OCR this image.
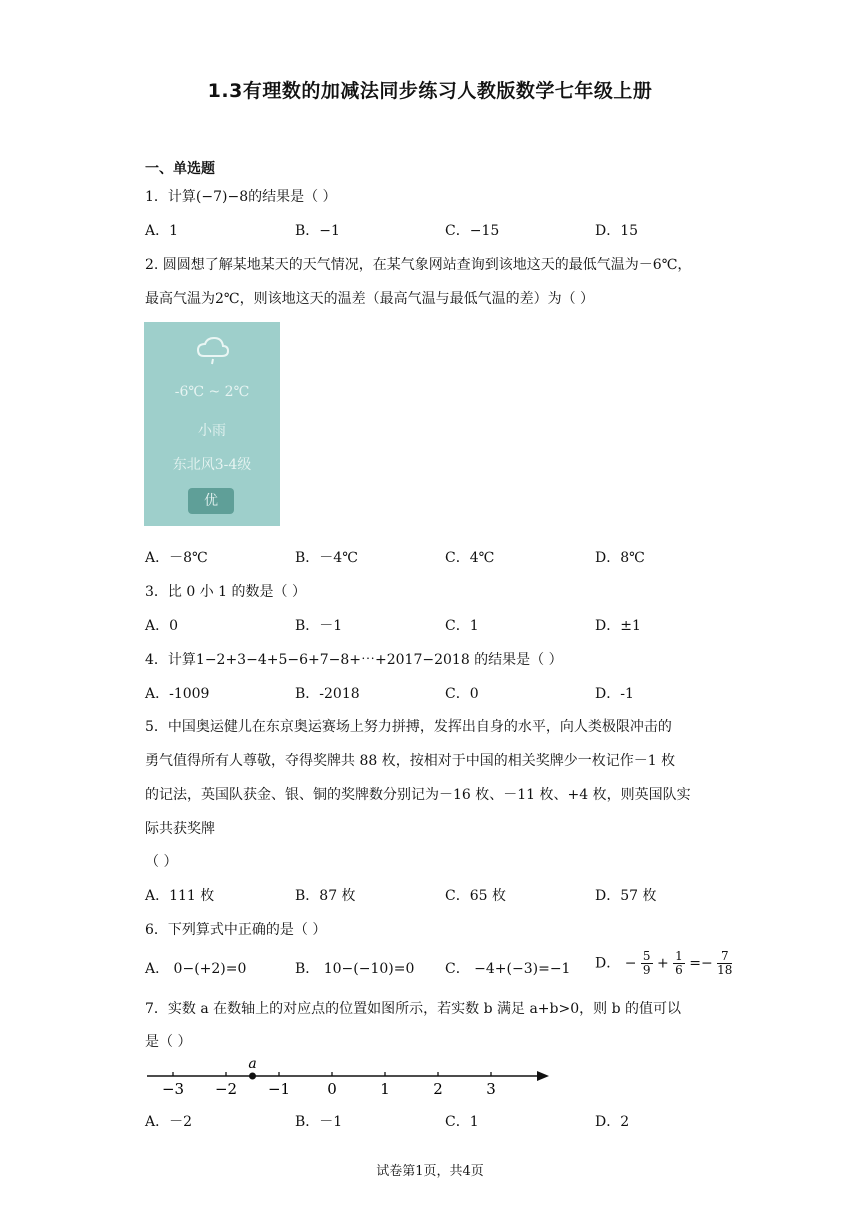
1.3有理数的加减法同步练习人教版数学七年级上册
一、单选题
1．计算(−7)−8的结果是（ ）
A．1	B．−1	C．−15	D．15
2. 圆圆想了解某地某天的天气情况，在某气象网站查询到该地这天的最低气温为－6℃，
最高气温为2℃，则该地这天的温差（最高气温与最低气温的差）为（ ）
-6℃ ~ 2℃
小雨
东北风3-4级
优
A．－8℃	B．－4℃	C．4℃	D．8℃
3．比 0 小 1 的数是（ ）
A．0	B．－1	C．1	D．±1
4．计算1−2+3−4+5−6+7−8+⋯+2017−2018 的结果是（ ）
A．-1009	B．-2018	C．0	D．-1
5．中国奥运健儿在东京奥运赛场上努力拼搏，发挥出自身的水平，向人类极限冲击的
勇气值得所有人尊敬，夺得奖牌共 88 枚，按相对于中国的相关奖牌少一枚记作－1 枚
的记法，英国队获金、银、铜的奖牌数分别记为－16 枚、－11 枚、+4 枚，则英国队实
际共获奖牌
（ ）
A．111 枚	B．87 枚	C．65 枚	D．57 枚
6．下列算式中正确的是（ ）
A． 0−(+2)=0	B． 10−(−10)=0 C． −4+(−3)=−1 D． − $\frac{5}{9} + \frac{1}{6} =- \frac{7}{18}$
7．实数 a 在数轴上的对应点的位置如图所示，若实数 b 满足 a+b>0，则 b 的值可以
是（ ）
−3 −2 −1 0	1	2	3
a
A．－2	B．－1	C．1	D．2
试卷第1页，共4页
